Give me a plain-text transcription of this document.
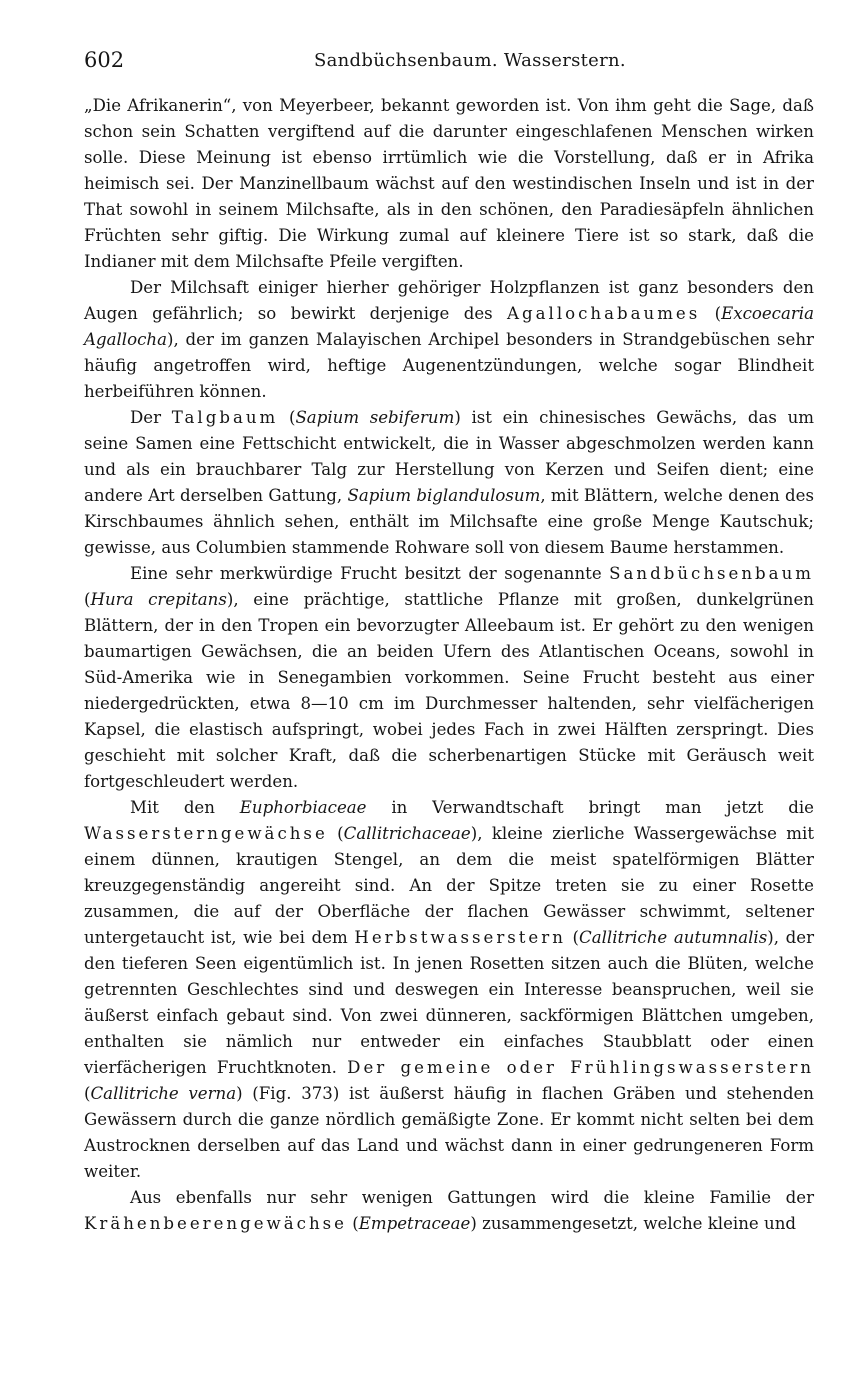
602	Sandbüchsenbaum. Wasserstern.

„Die Afrikanerin“, von Meyerbeer, bekannt geworden ist. Von ihm geht die Sage, daß schon sein Schatten vergiftend auf die darunter eingeschlafenen Menschen wirken solle. Diese Meinung ist ebenso irrtümlich wie die Vorstellung, daß er in Afrika heimisch sei. Der Manzinellbaum wächst auf den westindischen Inseln und ist in der That sowohl in seinem Milchsafte, als in den schönen, den Paradiesäpfeln ähnlichen Früchten sehr giftig. Die Wirkung zumal auf kleinere Tiere ist so stark, daß die Indianer mit dem Milchsafte Pfeile vergiften.

Der Milchsaft einiger hierher gehöriger Holzpflanzen ist ganz besonders den Augen gefährlich; so bewirkt derjenige des Agallochabaumes (Excoecaria Agallocha), der im ganzen Malayischen Archipel besonders in Strandgebüschen sehr häufig angetroffen wird, heftige Augenentzündungen, welche sogar Blindheit herbeiführen können.

Der Talgbaum (Sapium sebiferum) ist ein chinesisches Gewächs, das um seine Samen eine Fettschicht entwickelt, die in Wasser abgeschmolzen werden kann und als ein brauchbarer Talg zur Herstellung von Kerzen und Seifen dient; eine andere Art derselben Gattung, Sapium biglandulosum, mit Blättern, welche denen des Kirschbaumes ähnlich sehen, enthält im Milchsafte eine große Menge Kautschuk; gewisse, aus Columbien stammende Rohware soll von diesem Baume herstammen.

Eine sehr merkwürdige Frucht besitzt der sogenannte Sandbüchsenbaum (Hura crepitans), eine prächtige, stattliche Pflanze mit großen, dunkelgrünen Blättern, der in den Tropen ein bevorzugter Alleebaum ist. Er gehört zu den wenigen baumartigen Gewächsen, die an beiden Ufern des Atlantischen Oceans, sowohl in Süd-Amerika wie in Senegambien vorkommen. Seine Frucht besteht aus einer niedergedrückten, etwa 8—10 cm im Durchmesser haltenden, sehr vielfächerigen Kapsel, die elastisch aufspringt, wobei jedes Fach in zwei Hälften zerspringt. Dies geschieht mit solcher Kraft, daß die scherbenartigen Stücke mit Geräusch weit fortgeschleudert werden.

Mit den Euphorbiaceae in Verwandtschaft bringt man jetzt die Wassersterngewächse (Callitrichaceae), kleine zierliche Wassergewächse mit einem dünnen, krautigen Stengel, an dem die meist spatelförmigen Blätter kreuzgegenständig angereiht sind. An der Spitze treten sie zu einer Rosette zusammen, die auf der Oberfläche der flachen Gewässer schwimmt, seltener untergetaucht ist, wie bei dem Herbstwasserstern (Callitriche autumnalis), der den tieferen Seen eigentümlich ist. In jenen Rosetten sitzen auch die Blüten, welche getrennten Geschlechtes sind und deswegen ein Interesse beanspruchen, weil sie äußerst einfach gebaut sind. Von zwei dünneren, sackförmigen Blättchen umgeben, enthalten sie nämlich nur entweder ein einfaches Staubblatt oder einen vierfächerigen Fruchtknoten. Der gemeine oder Frühlingswasserstern (Callitriche verna) (Fig. 373) ist äußerst häufig in flachen Gräben und stehenden Gewässern durch die ganze nördlich gemäßigte Zone. Er kommt nicht selten bei dem Austrocknen derselben auf das Land und wächst dann in einer gedrungeneren Form weiter.

Aus ebenfalls nur sehr wenigen Gattungen wird die kleine Familie der Krähenbeerengewächse (Empetraceae) zusammengesetzt, welche kleine und
